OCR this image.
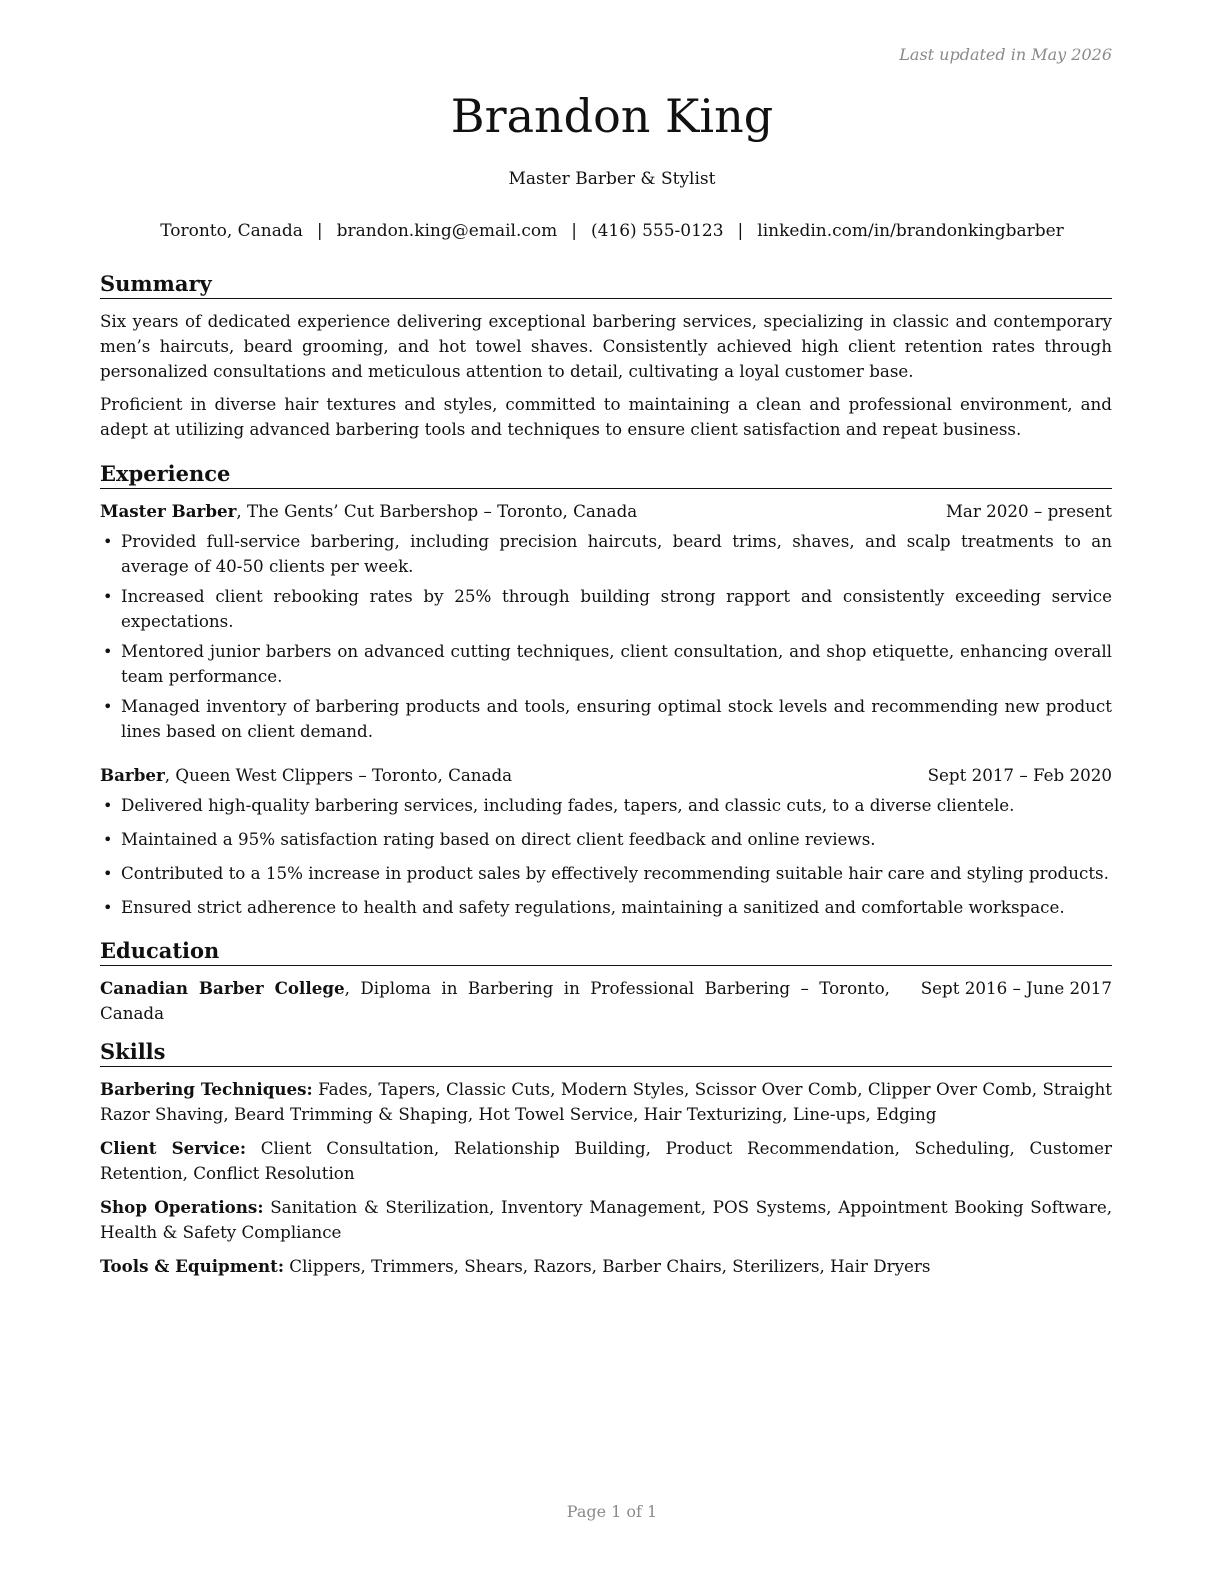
Last updated in May 2026
Brandon King
Master Barber & Stylist
Toronto, Canada | brandon.king@email.com | (416) 555-0123 | linkedin.com/in/brandonkingbarber
Summary

Six years of dedicated experience delivering exceptional barbering services, specializing in classic and contemporary men’s haircuts, beard grooming, and hot towel shaves. Consistently achieved high client retention rates through personalized consultations and meticulous attention to detail, cultivating a loyal customer base.

Proficient in diverse hair textures and styles, committed to maintaining a clean and professional environment, and adept at utilizing advanced barbering tools and techniques to ensure client satisfaction and repeat business.

Experience
Master Barber, The Gents’ Cut Barbershop – Toronto, Canada	Mar 2020 – present
• Provided full-service barbering, including precision haircuts, beard trims, shaves, and scalp treatments to an average of 40-50 clients per week.
• Increased client rebooking rates by 25% through building strong rapport and consistently exceeding service expectations.
• Mentored junior barbers on advanced cutting techniques, client consultation, and shop etiquette, enhancing overall team performance.
• Managed inventory of barbering products and tools, ensuring optimal stock levels and recommending new product lines based on client demand.
Barber, Queen West Clippers – Toronto, Canada	Sept 2017 – Feb 2020
• Delivered high-quality barbering services, including fades, tapers, and classic cuts, to a diverse clientele.
• Maintained a 95% satisfaction rating based on direct client feedback and online reviews.
• Contributed to a 15% increase in product sales by effectively recommending suitable hair care and styling products.
• Ensured strict adherence to health and safety regulations, maintaining a sanitized and comfortable workspace.
Education
Canadian Barber College, Diploma in Barbering in Professional Barbering – Toronto, Canada
Sept 2016 – June 2017
Skills

Barbering Techniques: Fades, Tapers, Classic Cuts, Modern Styles, Scissor Over Comb, Clipper Over Comb, Straight Razor Shaving, Beard Trimming & Shaping, Hot Towel Service, Hair Texturizing, Line-ups, Edging

Client Service: Client Consultation, Relationship Building, Product Recommendation, Scheduling, Customer Retention, Conflict Resolution

Shop Operations: Sanitation & Sterilization, Inventory Management, POS Systems, Appointment Booking Software, Health & Safety Compliance

Tools & Equipment: Clippers, Trimmers, Shears, Razors, Barber Chairs, Sterilizers, Hair Dryers

Page 1 of 1
